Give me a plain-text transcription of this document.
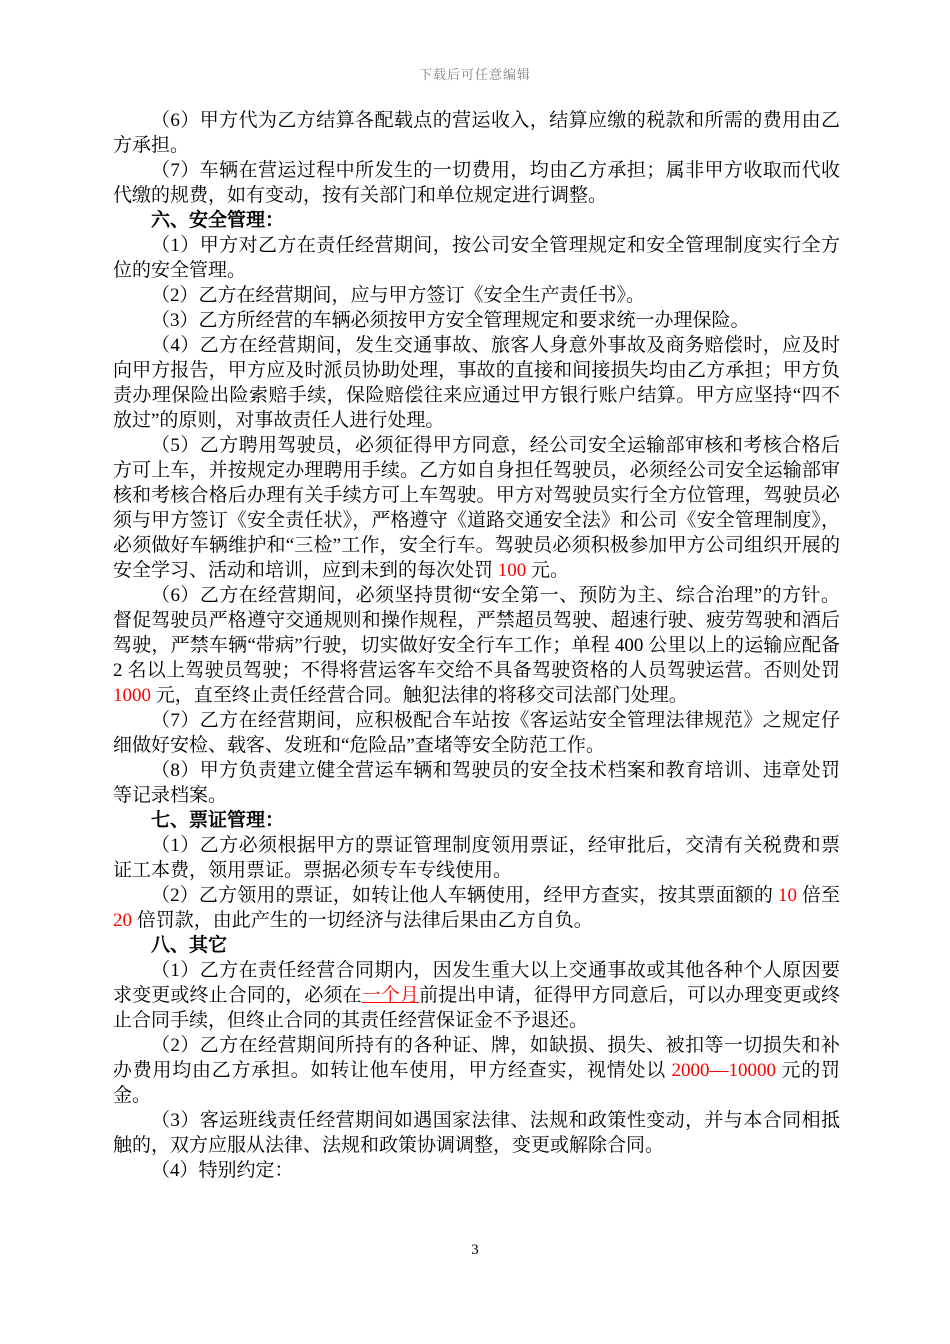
下载后可任意编辑

（6）甲方代为乙方结算各配载点的营运收入，结算应缴的税款和所需的费用由乙方承担。

（7）车辆在营运过程中所发生的一切费用，均由乙方承担；属非甲方收取而代收代缴的规费，如有变动，按有关部门和单位规定进行调整。

六、安全管理：

（1）甲方对乙方在责任经营期间，按公司安全管理规定和安全管理制度实行全方位的安全管理。

（2）乙方在经营期间，应与甲方签订《安全生产责任书》。

（3）乙方所经营的车辆必须按甲方安全管理规定和要求统一办理保险。

（4）乙方在经营期间，发生交通事故、旅客人身意外事故及商务赔偿时，应及时向甲方报告，甲方应及时派员协助处理，事故的直接和间接损失均由乙方承担；甲方负责办理保险出险索赔手续，保险赔偿往来应通过甲方银行账户结算。甲方应坚持“四不放过”的原则，对事故责任人进行处理。

（5）乙方聘用驾驶员，必须征得甲方同意，经公司安全运输部审核和考核合格后方可上车，并按规定办理聘用手续。乙方如自身担任驾驶员，必须经公司安全运输部审核和考核合格后办理有关手续方可上车驾驶。甲方对驾驶员实行全方位管理，驾驶员必须与甲方签订《安全责任状》，严格遵守《道路交通安全法》和公司《安全管理制度》，必须做好车辆维护和“三检”工作，安全行车。驾驶员必须积极参加甲方公司组织开展的安全学习、活动和培训，应到未到的每次处罚 100 元。

（6）乙方在经营期间，必须坚持贯彻“安全第一、预防为主、综合治理”的方针。督促驾驶员严格遵守交通规则和操作规程，严禁超员驾驶、超速行驶、疲劳驾驶和酒后驾驶，严禁车辆“带病”行驶，切实做好安全行车工作；单程 400 公里以上的运输应配备 2 名以上驾驶员驾驶；不得将营运客车交给不具备驾驶资格的人员驾驶运营。否则处罚 1000 元，直至终止责任经营合同。触犯法律的将移交司法部门处理。

（7）乙方在经营期间，应积极配合车站按《客运站安全管理法律规范》之规定仔细做好安检、载客、发班和“危险品”查堵等安全防范工作。

（8）甲方负责建立健全营运车辆和驾驶员的安全技术档案和教育培训、违章处罚等记录档案。

七、票证管理：

（1）乙方必须根据甲方的票证管理制度领用票证，经审批后，交清有关税费和票证工本费，领用票证。票据必须专车专线使用。

（2）乙方领用的票证，如转让他人车辆使用，经甲方查实，按其票面额的 10 倍至 20 倍罚款，由此产生的一切经济与法律后果由乙方自负。

八、其它

（1）乙方在责任经营合同期内，因发生重大以上交通事故或其他各种个人原因要求变更或终止合同的，必须在一个月前提出申请，征得甲方同意后，可以办理变更或终止合同手续，但终止合同的其责任经营保证金不予退还。

（2）乙方在经营期间所持有的各种证、牌，如缺损、损失、被扣等一切损失和补办费用均由乙方承担。如转让他车使用，甲方经查实，视情处以 2000—10000 元的罚金。

（3）客运班线责任经营期间如遇国家法律、法规和政策性变动，并与本合同相抵触的，双方应服从法律、法规和政策协调调整，变更或解除合同。

（4）特别约定：

3
